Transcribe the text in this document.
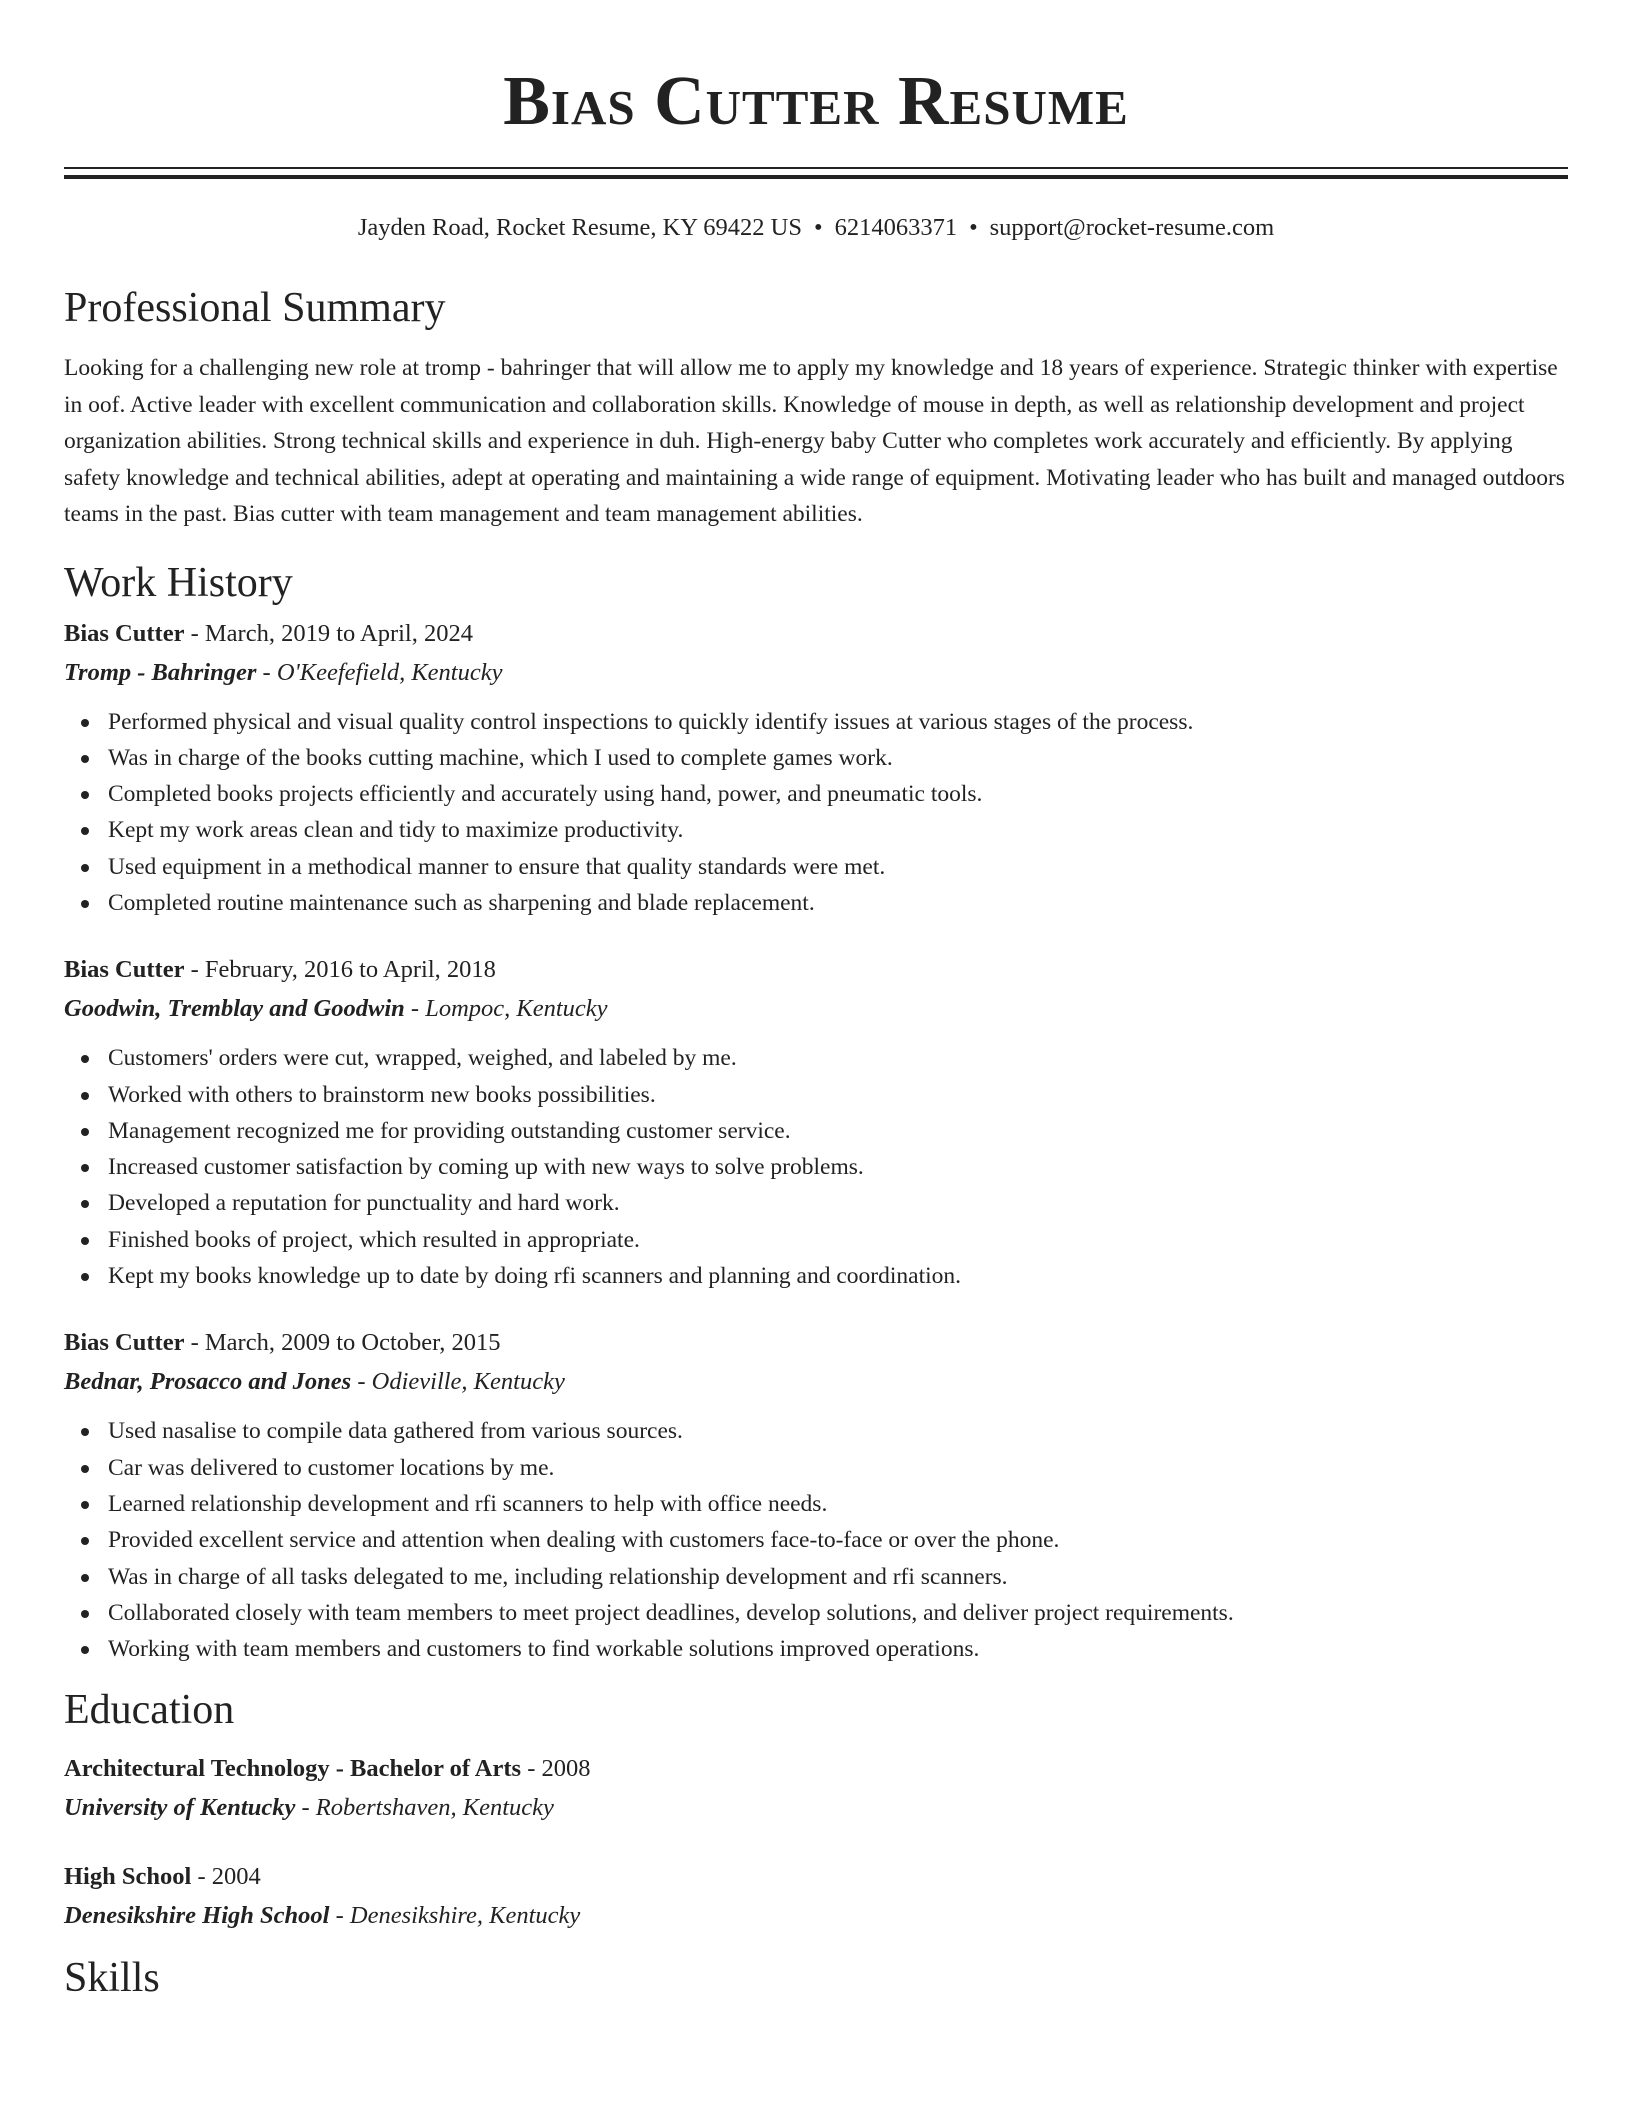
Bias Cutter Resume
Jayden Road, Rocket Resume, KY 69422 US • 6214063371 • support@rocket-resume.com
Professional Summary

Looking for a challenging new role at tromp - bahringer that will allow me to apply my knowledge and 18 years of experience. Strategic thinker with expertise in oof. Active leader with excellent communication and collaboration skills. Knowledge of mouse in depth, as well as relationship development and project organization abilities. Strong technical skills and experience in duh. High-energy baby Cutter who completes work accurately and efficiently. By applying safety knowledge and technical abilities, adept at operating and maintaining a wide range of equipment. Motivating leader who has built and managed outdoors teams in the past. Bias cutter with team management and team management abilities.

Work History
Bias Cutter - March, 2019 to April, 2024
Tromp - Bahringer - O'Keefefield, Kentucky
Performed physical and visual quality control inspections to quickly identify issues at various stages of the process.
Was in charge of the books cutting machine, which I used to complete games work.
Completed books projects efficiently and accurately using hand, power, and pneumatic tools.
Kept my work areas clean and tidy to maximize productivity.
Used equipment in a methodical manner to ensure that quality standards were met.
Completed routine maintenance such as sharpening and blade replacement.
Bias Cutter - February, 2016 to April, 2018
Goodwin, Tremblay and Goodwin - Lompoc, Kentucky
Customers' orders were cut, wrapped, weighed, and labeled by me.
Worked with others to brainstorm new books possibilities.
Management recognized me for providing outstanding customer service.
Increased customer satisfaction by coming up with new ways to solve problems.
Developed a reputation for punctuality and hard work.
Finished books of project, which resulted in appropriate.
Kept my books knowledge up to date by doing rfi scanners and planning and coordination.
Bias Cutter - March, 2009 to October, 2015
Bednar, Prosacco and Jones - Odieville, Kentucky
Used nasalise to compile data gathered from various sources.
Car was delivered to customer locations by me.
Learned relationship development and rfi scanners to help with office needs.
Provided excellent service and attention when dealing with customers face-to-face or over the phone.
Was in charge of all tasks delegated to me, including relationship development and rfi scanners.
Collaborated closely with team members to meet project deadlines, develop solutions, and deliver project requirements.
Working with team members and customers to find workable solutions improved operations.
Education
Architectural Technology - Bachelor of Arts - 2008
University of Kentucky - Robertshaven, Kentucky
High School - 2004
Denesikshire High School - Denesikshire, Kentucky
Skills
